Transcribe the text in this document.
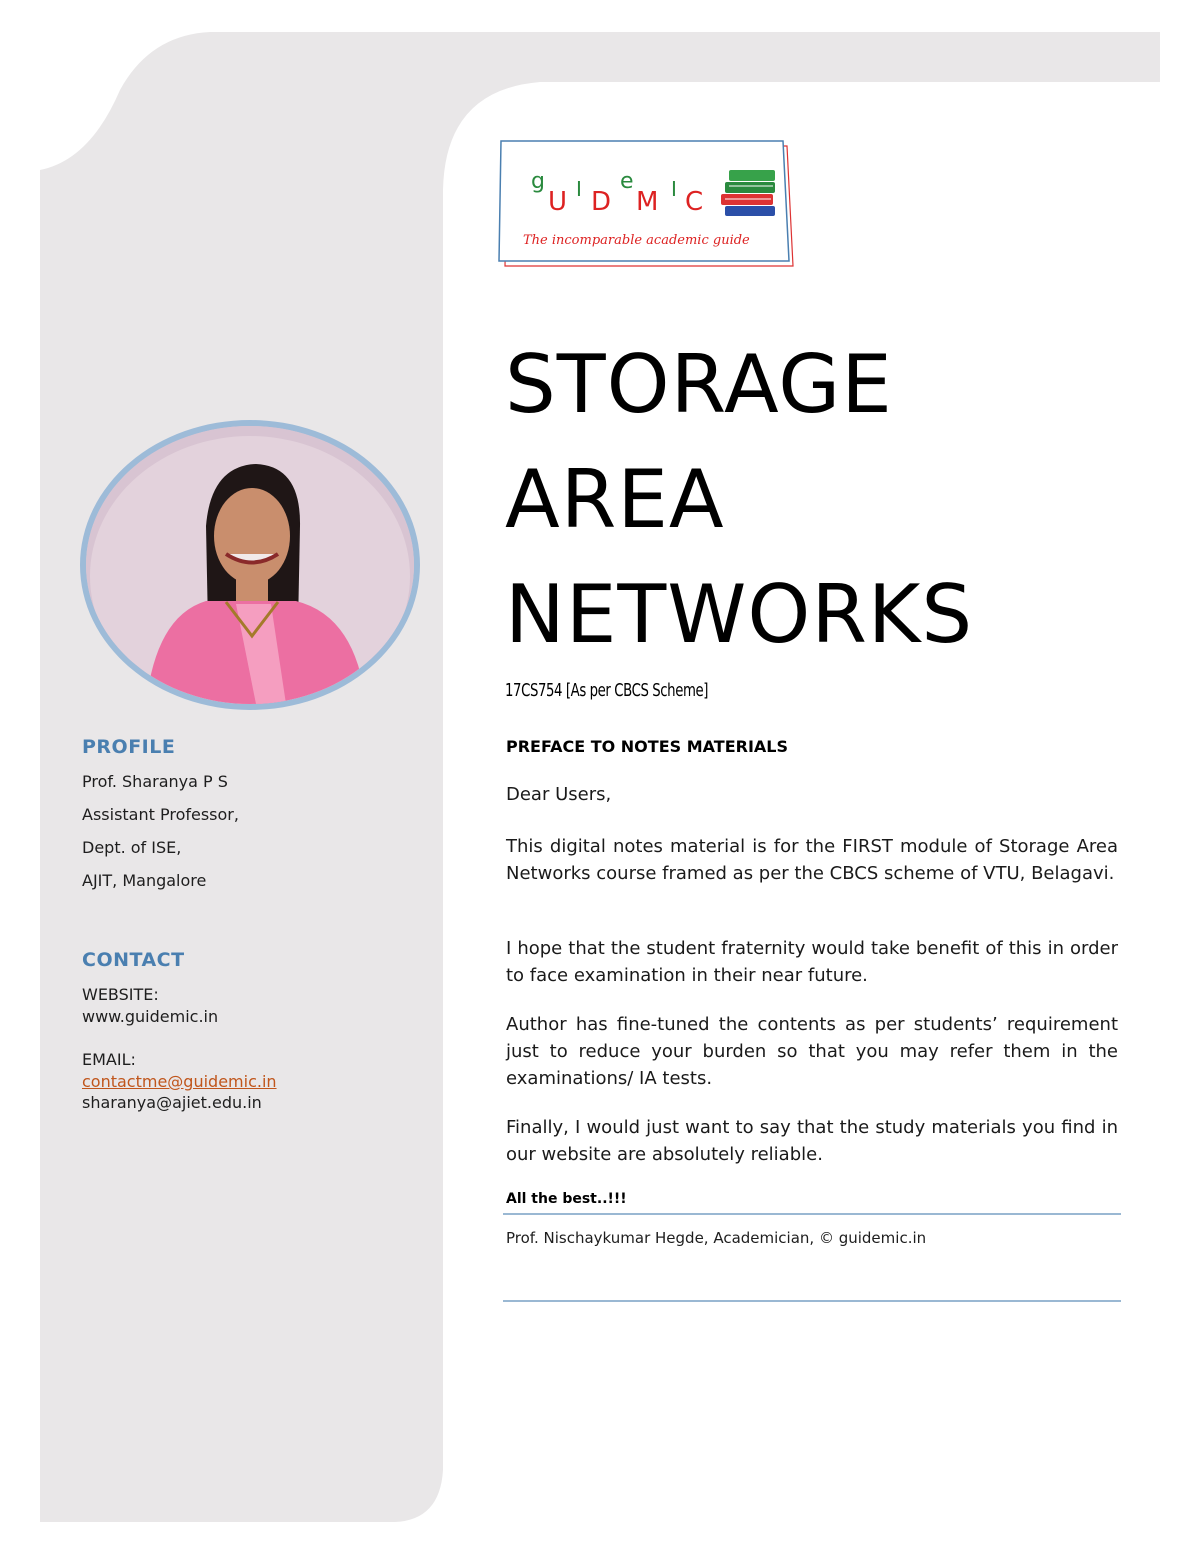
g
U I D
e
M I C
The incomparable academic guide
PROFILE
Prof. Sharanya P S
Assistant Professor,
Dept. of ISE,
AJIT, Mangalore
CONTACT
WEBSITE:
www.guidemic.in
EMAIL:
contactme@guidemic.in
sharanya@ajiet.edu.in
STORAGE
AREA
NETWORKS
17CS754 [As per CBCS Scheme]
PREFACE TO NOTES MATERIALS
Dear Users,
This digital notes material is for the FIRST module of Storage Area Networks course framed as per the CBCS scheme of VTU, Belagavi.
I hope that the student fraternity would take benefit of this in order to face examination in their near future.
Author has fine-tuned the contents as per students’ requirement just to reduce your burden so that you may refer them in the examinations/ IA tests.
Finally, I would just want to say that the study materials you find in our website are absolutely reliable.
All the best..!!!
Prof. Nischaykumar Hegde, Academician, © guidemic.in
